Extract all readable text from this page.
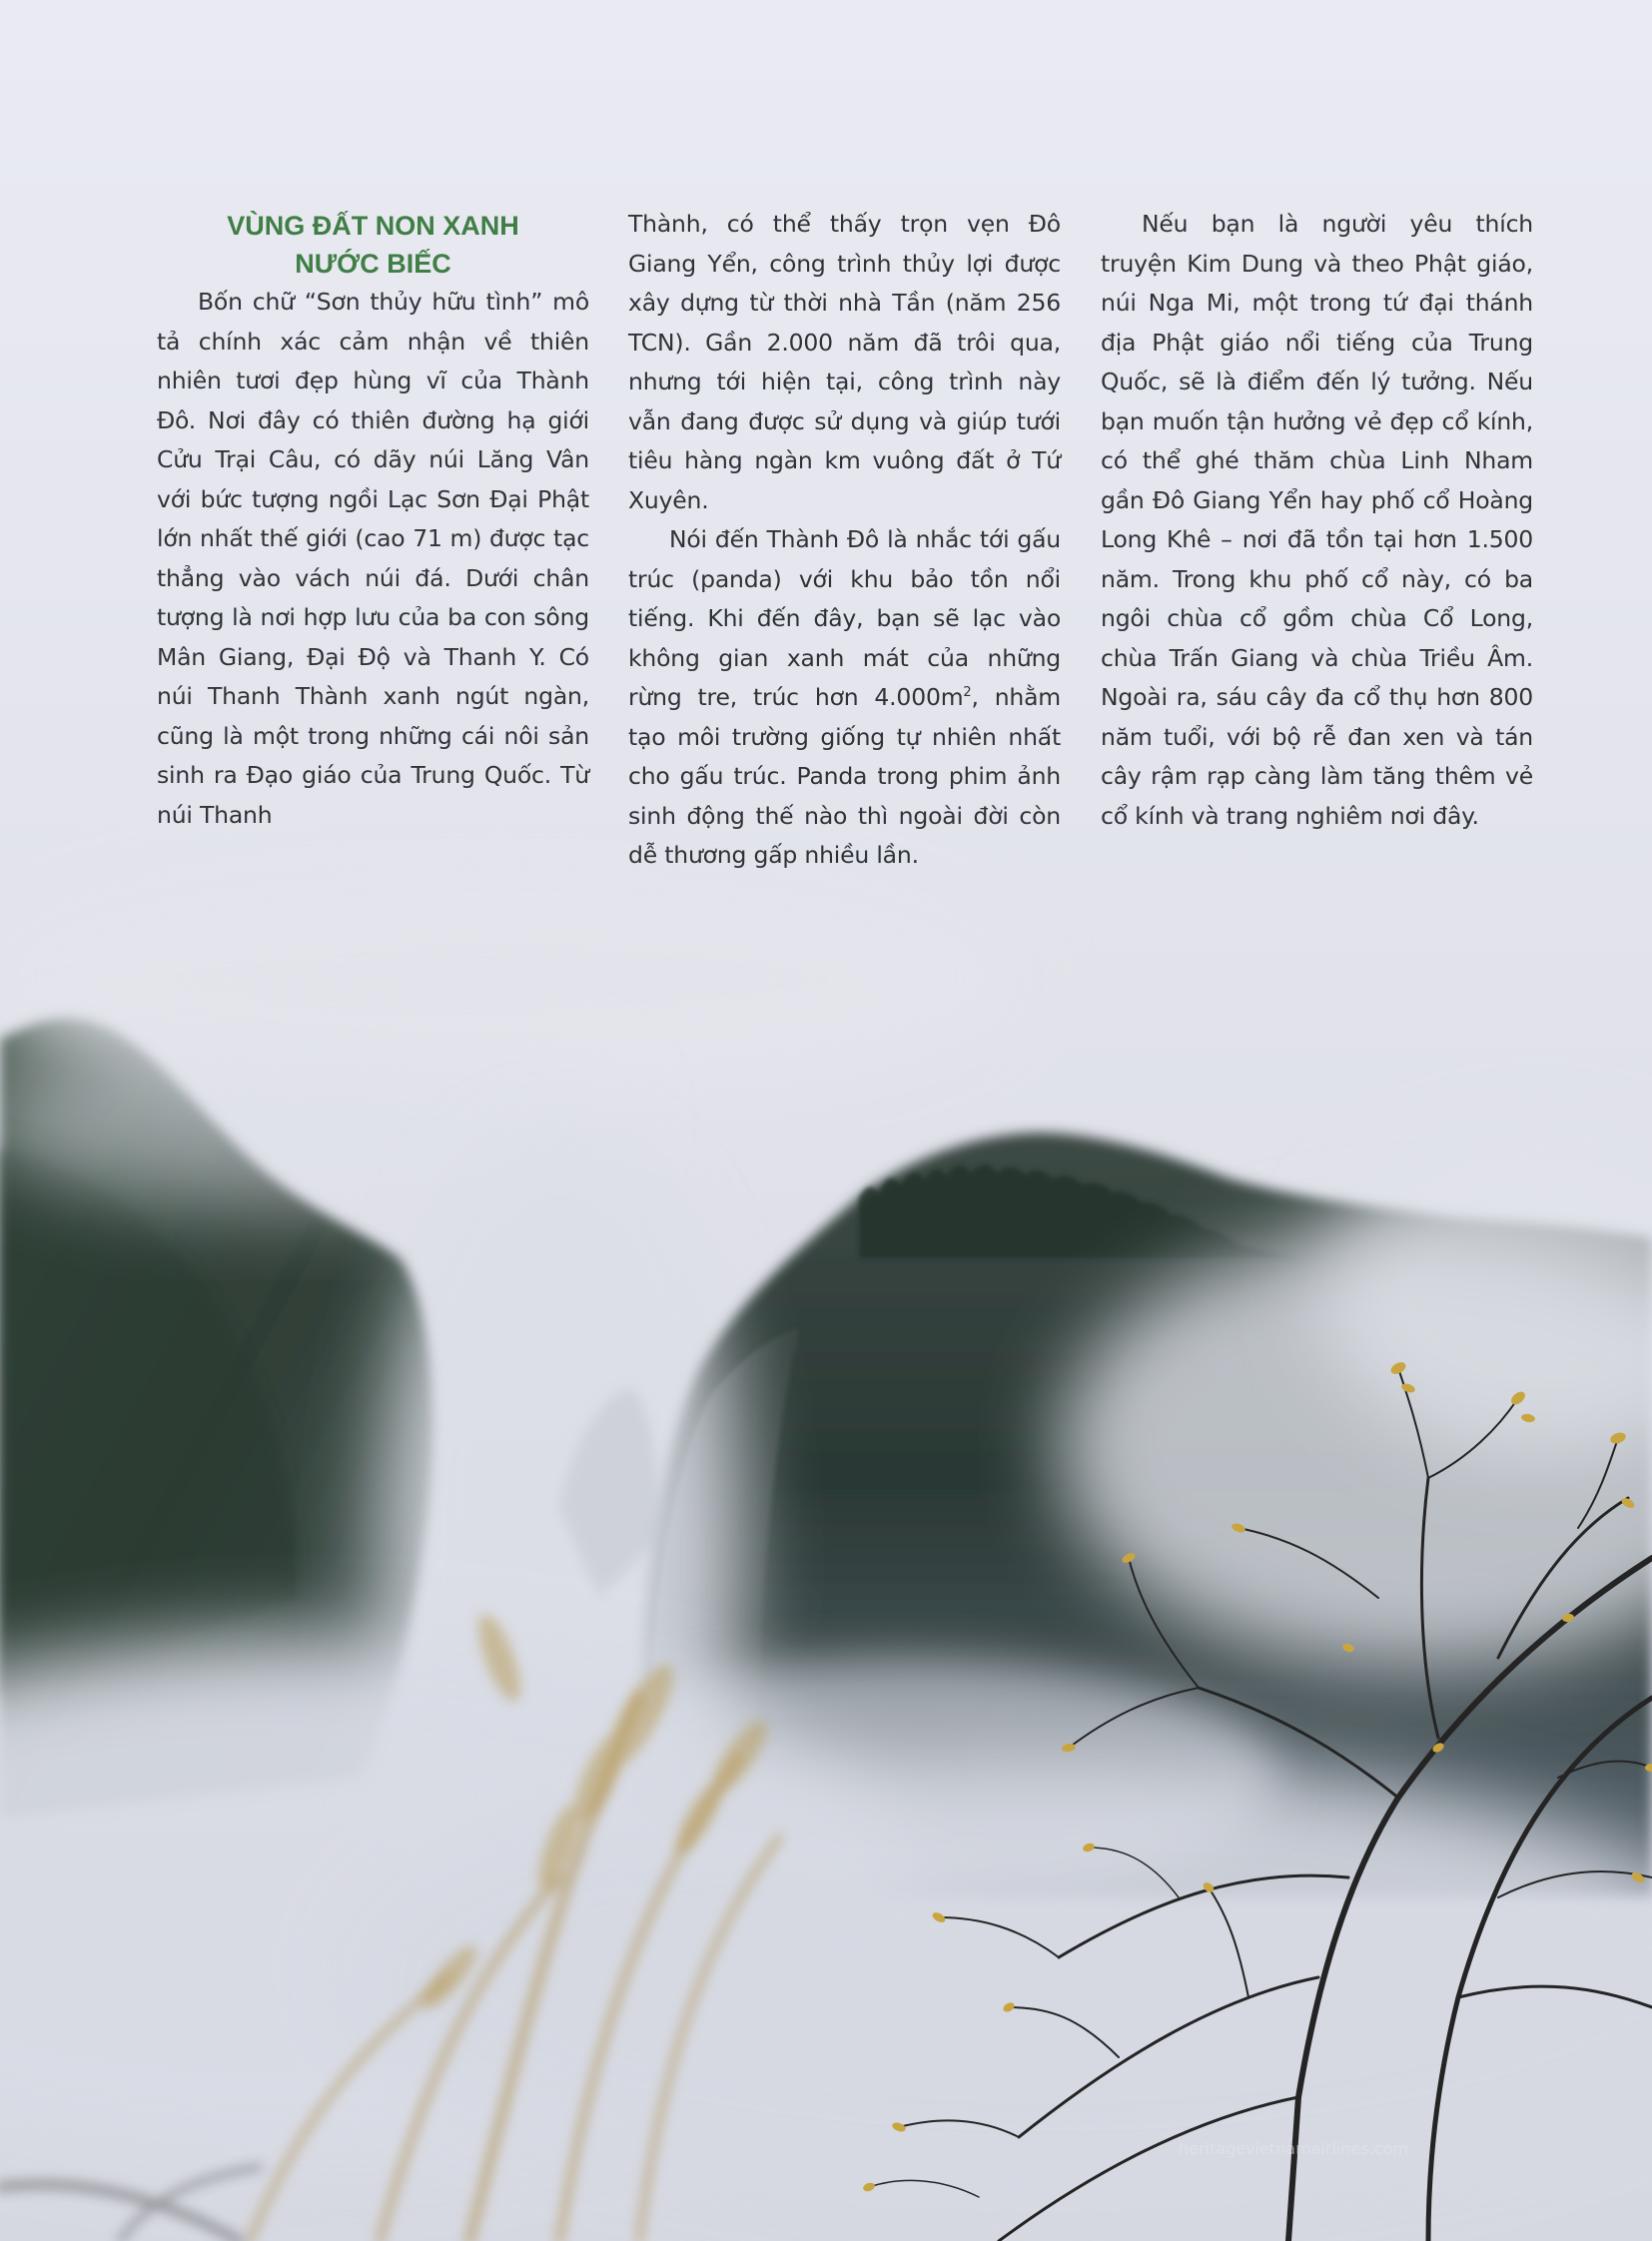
VÙNG ĐẤT NON XANH
NƯỚC BIẾC

Bốn chữ “Sơn thủy hữu tình” mô tả chính xác cảm nhận về thiên nhiên tươi đẹp hùng vĩ của Thành Đô. Nơi đây có thiên đường hạ giới Cửu Trại Câu, có dãy núi Lăng Vân với bức tượng ngồi Lạc Sơn Đại Phật lớn nhất thế giới (cao 71 m) được tạc thẳng vào vách núi đá. Dưới chân tượng là nơi hợp lưu của ba con sông Mân Giang, Đại Độ và Thanh Y. Có núi Thanh Thành xanh ngút ngàn, cũng là một trong những cái nôi sản sinh ra Đạo giáo của Trung Quốc. Từ núi Thanh

Thành, có thể thấy trọn vẹn Đô Giang Yển, công trình thủy lợi được xây dựng từ thời nhà Tần (năm 256 TCN). Gần 2.000 năm đã trôi qua, nhưng tới hiện tại, công trình này vẫn đang được sử dụng và giúp tưới tiêu hàng ngàn km vuông đất ở Tứ Xuyên.

Nói đến Thành Đô là nhắc tới gấu trúc (panda) với khu bảo tồn nổi tiếng. Khi đến đây, bạn sẽ lạc vào không gian xanh mát của những rừng tre, trúc hơn $4.000m^2$, nhằm tạo môi trường giống tự nhiên nhất cho gấu trúc. Panda trong phim ảnh sinh động thế nào thì ngoài đời còn dễ thương gấp nhiều lần.

Nếu bạn là người yêu thích truyện Kim Dung và theo Phật giáo, núi Nga Mi, một trong tứ đại thánh địa Phật giáo nổi tiếng của Trung Quốc, sẽ là điểm đến lý tưởng. Nếu bạn muốn tận hưởng vẻ đẹp cổ kính, có thể ghé thăm chùa Linh Nham gần Đô Giang Yển hay phố cổ Hoàng Long Khê – nơi đã tồn tại hơn 1.500 năm. Trong khu phố cổ này, có ba ngôi chùa cổ gồm chùa Cổ Long, chùa Trấn Giang và chùa Triều Âm. Ngoài ra, sáu cây đa cổ thụ hơn 800 năm tuổi, với bộ rễ đan xen và tán cây rậm rạp càng làm tăng thêm vẻ cổ kính và trang nghiêm nơi đây.

heritagevietnamairlines.com
